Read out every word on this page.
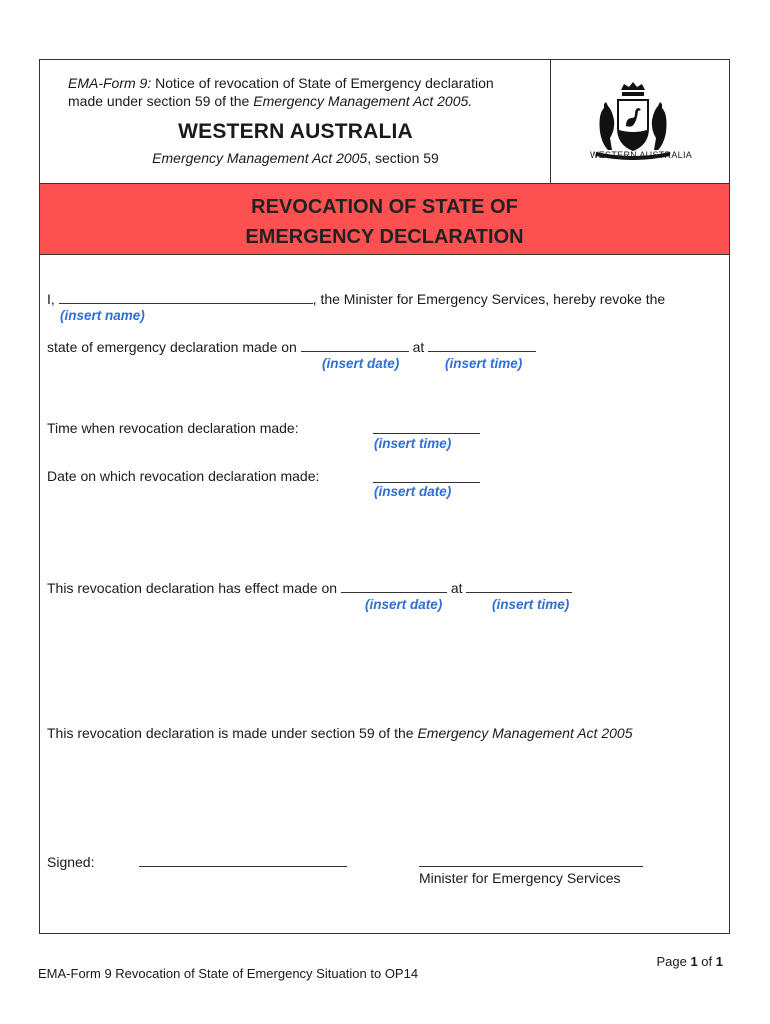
EMA-Form 9: Notice of revocation of State of Emergency declaration
made under section 59 of the Emergency Management Act 2005.
WESTERN AUSTRALIA
Emergency Management Act 2005, section 59	WESTERN AUSTRALIA
REVOCATION OF STATE OF
EMERGENCY DECLARATION
I,	, the Minister for Emergency Services, hereby revoke the
(insert name)
state of emergency declaration made on	at
(insert date)	(insert time)
Time when revocation declaration made:
(insert time)
Date on which revocation declaration made:
(insert date)
This revocation declaration has effect made on	at
(insert date)	(insert time)
This revocation declaration is made under section 59 of the Emergency Management Act 2005
Signed:
Minister for Emergency Services
Page 1 of 1
EMA-Form 9 Revocation of State of Emergency Situation to OP14
